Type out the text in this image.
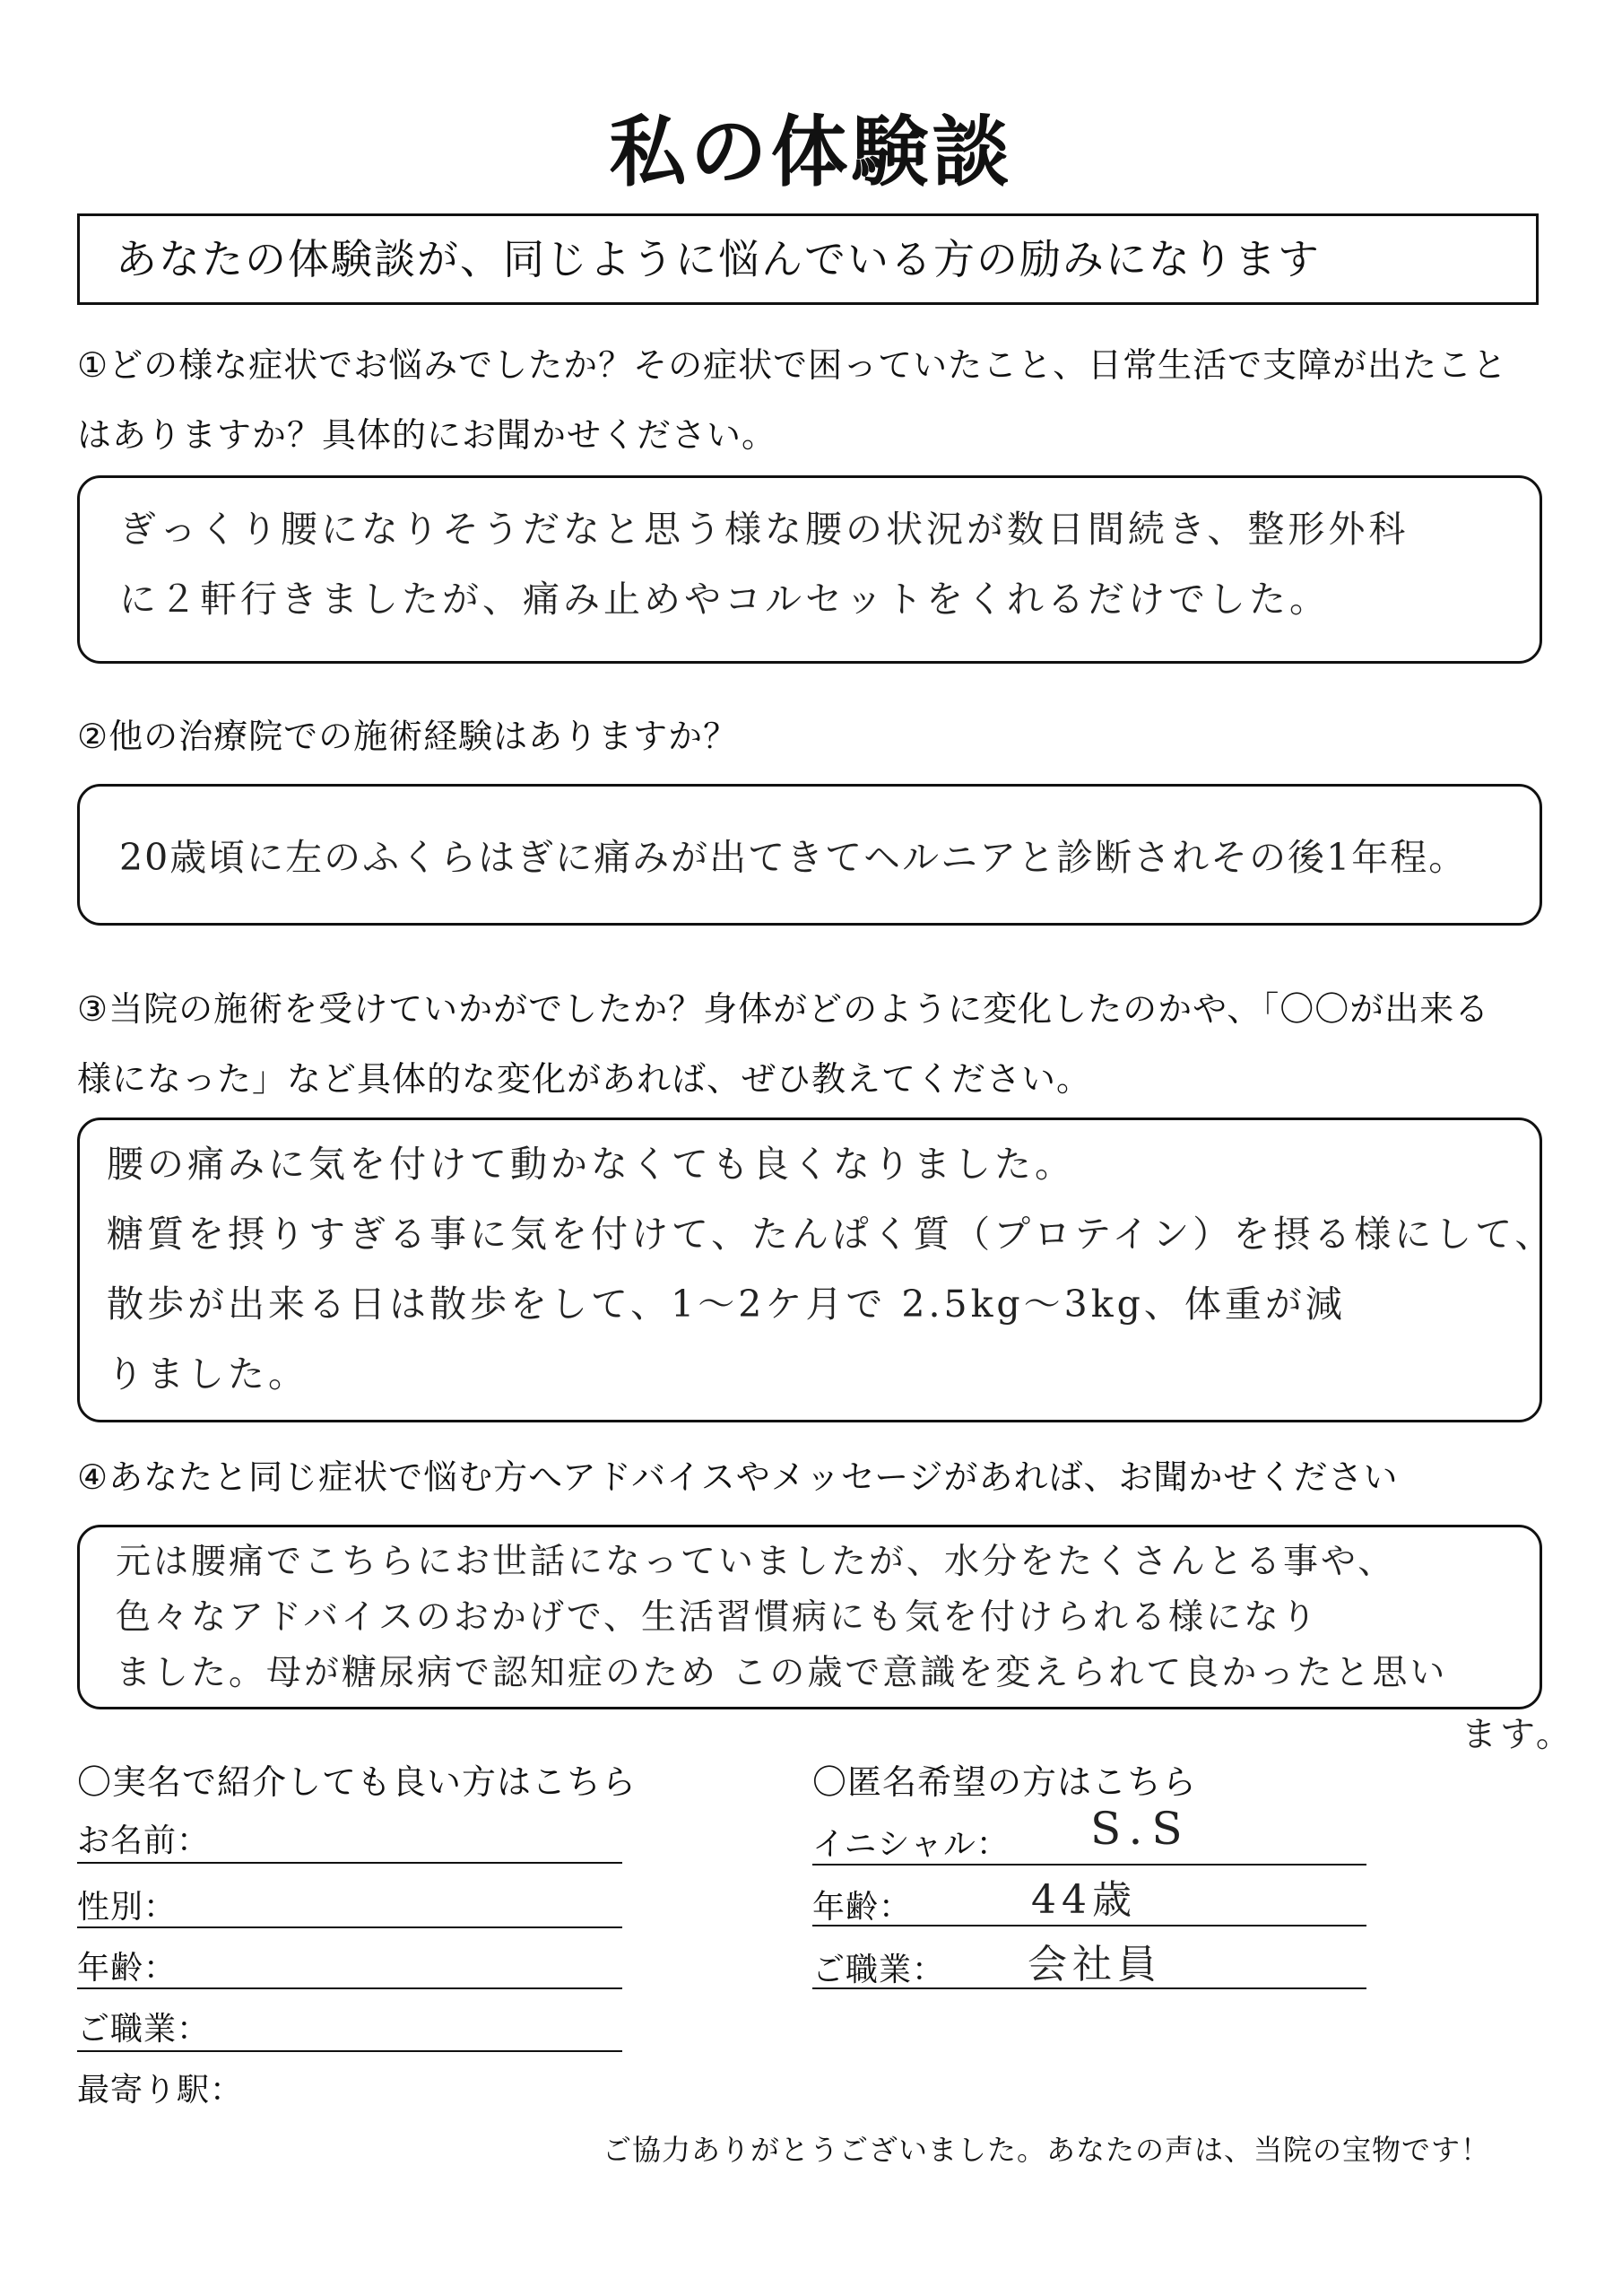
私の体験談
あなたの体験談が、同じように悩んでいる方の励みになります
①どの様な症状でお悩みでしたか？その症状で困っていたこと、日常生活で支障が出たこと
はありますか？具体的にお聞かせください。
ぎっくり腰になりそうだなと思う様な腰の状況が数日間続き、整形外科
に２軒行きましたが、痛み止めやコルセットをくれるだけでした。
②他の治療院での施術経験はありますか？
20歳頃に左のふくらはぎに痛みが出てきてヘルニアと診断されその後1年程。
③当院の施術を受けていかがでしたか？身体がどのように変化したのかや、「〇〇が出来る
様になった」など具体的な変化があれば、ぜひ教えてください。
腰の痛みに気を付けて動かなくても良くなりました。
糖質を摂りすぎる事に気を付けて、たんぱく質（プロテイン）を摂る様にして、
散歩が出来る日は散歩をして、1～2ケ月で 2.5kg～3kg、体重が減
りました。
④あなたと同じ症状で悩む方へアドバイスやメッセージがあれば、お聞かせください
元は腰痛でこちらにお世話になっていましたが、水分をたくさんとる事や、
色々なアドバイスのおかげで、生活習慣病にも気を付けられる様になり
ました。母が糖尿病で認知症のため この歳で意識を変えられて良かったと思い
ます。
〇実名で紹介しても良い方はこちら
お名前：
性別：
年齢：
ご職業：
最寄り駅：
〇匿名希望の方はこちら
イニシャル： S.S
年齢：	44歳
ご職業： 会社員
ご協力ありがとうございました。あなたの声は、当院の宝物です！
